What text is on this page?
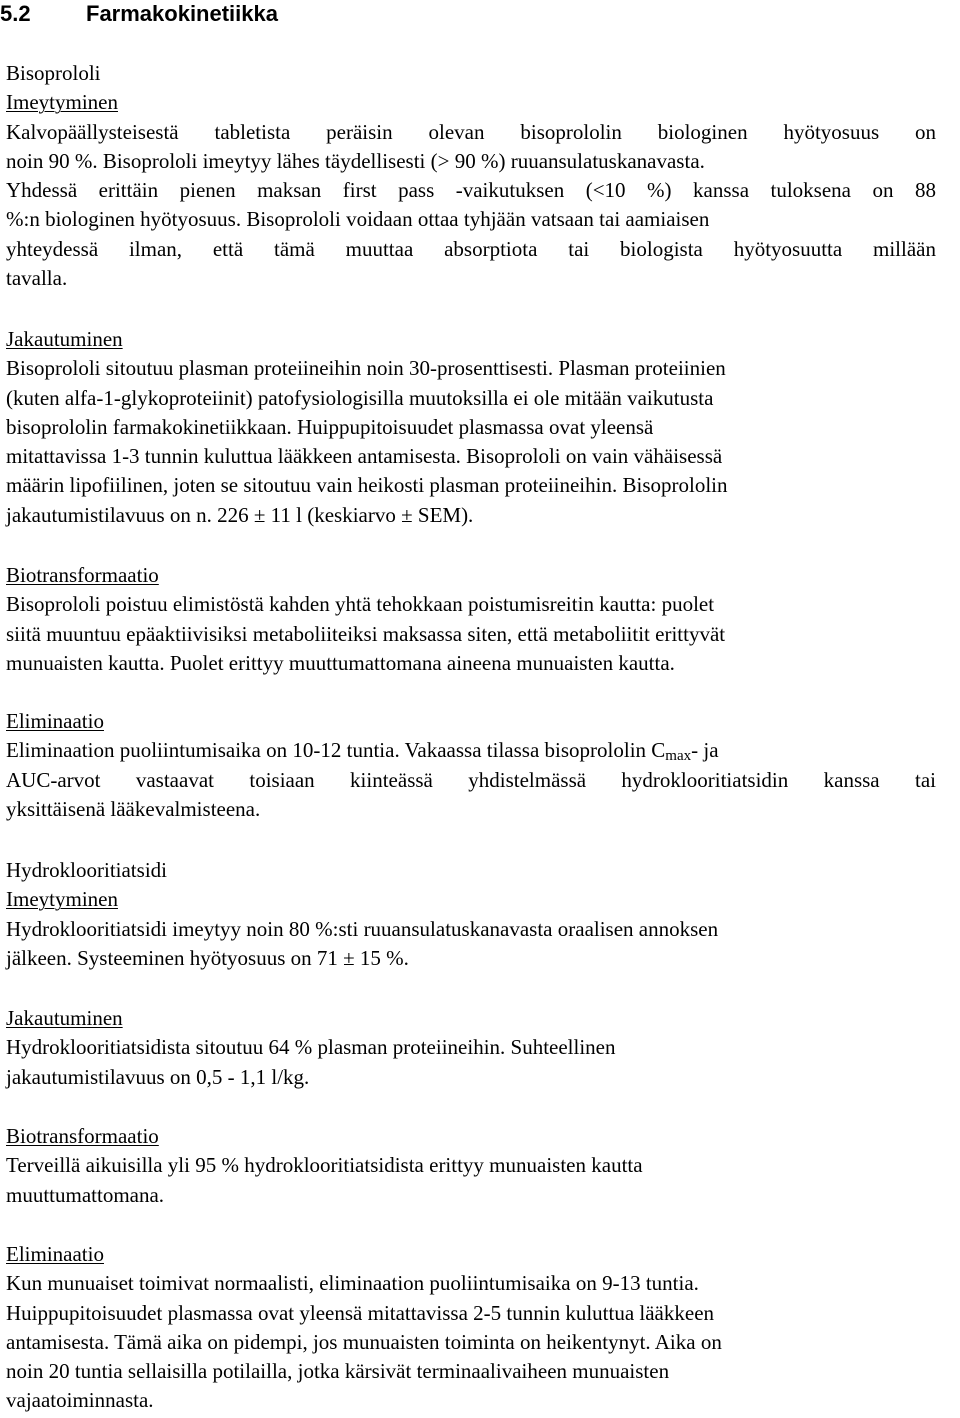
5.2	Farmakokinetiikka
Bisoprololi
Imeytyminen
Kalvopäällysteisestä tabletista peräisin olevan bisoprololin biologinen hyötyosuus on
noin 90 %. Bisoprololi imeytyy lähes täydellisesti (> 90 %) ruuansulatuskanavasta.
Yhdessä erittäin pienen maksan first pass -vaikutuksen (<10 %) kanssa tuloksena on 88
%:n biologinen hyötyosuus. Bisoprololi voidaan ottaa tyhjään vatsaan tai aamiaisen
yhteydessä ilman, että tämä muuttaa absorptiota tai biologista hyötyosuutta millään
tavalla.
Jakautuminen
Bisoprololi sitoutuu plasman proteiineihin noin 30-prosenttisesti. Plasman proteiinien
(kuten alfa-1-glykoproteiinit) patofysiologisilla muutoksilla ei ole mitään vaikutusta
bisoprololin farmakokinetiikkaan. Huippupitoisuudet plasmassa ovat yleensä
mitattavissa 1-3 tunnin kuluttua lääkkeen antamisesta. Bisoprololi on vain vähäisessä
määrin lipofiilinen, joten se sitoutuu vain heikosti plasman proteiineihin. Bisoprololin
jakautumistilavuus on n. 226 ± 11 l (keskiarvo ± SEM).
Biotransformaatio
Bisoprololi poistuu elimistöstä kahden yhtä tehokkaan poistumisreitin kautta: puolet
siitä muuntuu epäaktiivisiksi metaboliiteiksi maksassa siten, että metaboliitit erittyvät
munuaisten kautta. Puolet erittyy muuttumattomana aineena munuaisten kautta.
Eliminaatio
Eliminaation puoliintumisaika on 10-12 tuntia. Vakaassa tilassa bisoprololin Cmax- ja
AUC-arvot vastaavat toisiaan kiinteässä yhdistelmässä hydroklooritiatsidin kanssa tai
yksittäisenä lääkevalmisteena.
Hydroklooritiatsidi
Imeytyminen
Hydroklooritiatsidi imeytyy noin 80 %:sti ruuansulatuskanavasta oraalisen annoksen
jälkeen. Systeeminen hyötyosuus on 71 ± 15 %.
Jakautuminen
Hydroklooritiatsidista sitoutuu 64 % plasman proteiineihin. Suhteellinen
jakautumistilavuus on 0,5 - 1,1 l/kg.
Biotransformaatio
Terveillä aikuisilla yli 95 % hydroklooritiatsidista erittyy munuaisten kautta
muuttumattomana.
Eliminaatio
Kun munuaiset toimivat normaalisti, eliminaation puoliintumisaika on 9-13 tuntia.
Huippupitoisuudet plasmassa ovat yleensä mitattavissa 2-5 tunnin kuluttua lääkkeen
antamisesta. Tämä aika on pidempi, jos munuaisten toiminta on heikentynyt. Aika on
noin 20 tuntia sellaisilla potilailla, jotka kärsivät terminaalivaiheen munuaisten
vajaatoiminnasta.
